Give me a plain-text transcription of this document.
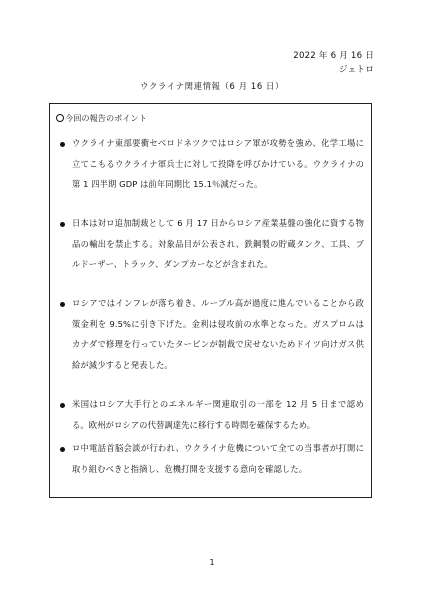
2022 年 6 月 16 日
ジェトロ
ウクライナ関連情報（6 月 16 日）
今回の報告のポイント
ウクライナ東部要衝セベロドネツクではロシア軍が攻勢を強め、化学工場に立てこもるウクライナ軍兵士に対して投降を呼びかけている。ウクライナの第 1 四半期 GDP は前年同期比 15.1％減だった。
日本は対ロ追加制裁として 6 月 17 日からロシア産業基盤の強化に資する物品の輸出を禁止する。対象品目が公表され、鉄鋼製の貯蔵タンク、工具、ブルドーザー、トラック、ダンプカーなどが含まれた。
ロシアではインフレが落ち着き、ルーブル高が過度に進んでいることから政策金利を 9.5%に引き下げた。金利は侵攻前の水準となった。ガスプロムはカナダで修理を行っていたタービンが制裁で戻せないためドイツ向けガス供給が減少すると発表した。
米国はロシア大手行とのエネルギー関連取引の一部を 12 月 5 日まで認める。欧州がロシアの代替調達先に移行する時間を確保するため。
ロ中電話首脳会談が行われ、ウクライナ危機について全ての当事者が打開に取り組むべきと指摘し、危機打開を支援する意向を確認した。
1
